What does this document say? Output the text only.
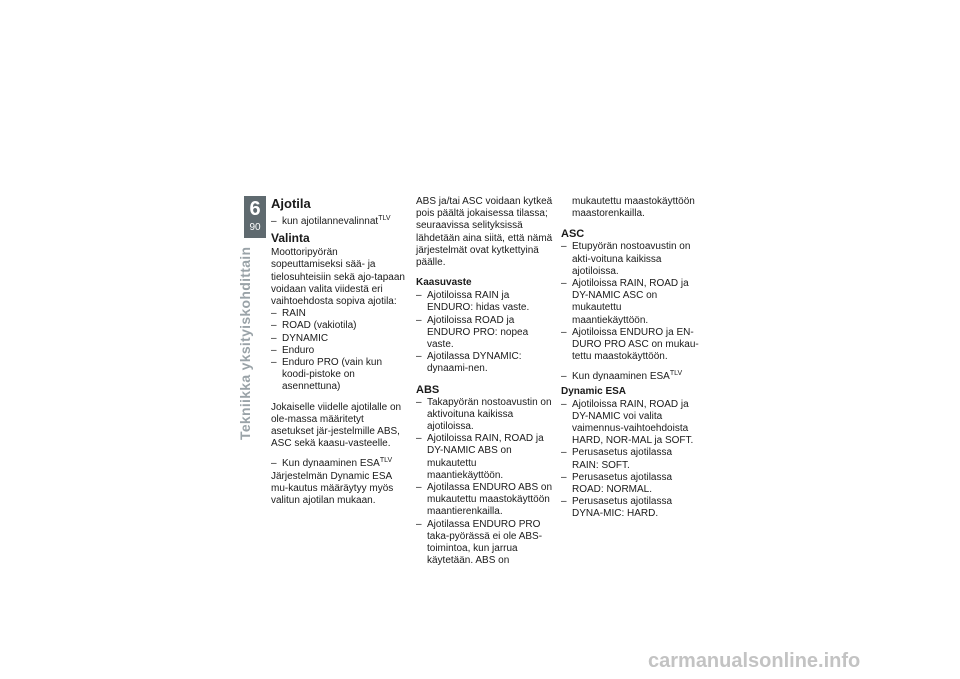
6
90
Tekniikka yksityiskohdittain
Ajotila
– kun ajotilannevalinnat$^{TLV}$
Valinta

Moottoripyörän sopeuttamiseksi sää- ja tielosuhteisiin sekä ajo-tapaan voidaan valita viidestä eri vaihtoehdosta sopiva ajotila:

– RAIN
– ROAD (vakiotila)
– DYNAMIC
– Enduro
– Enduro PRO (vain kun koodi-pistoke on asennettuna)

Jokaiselle viidelle ajotilalle on ole-massa määritetyt asetukset jär-jestelmille ABS, ASC sekä kaasu-vasteelle.

– Kun dynaaminen $ESA^{TLV}$

Järjestelmän Dynamic ESA mu-kautus määräytyy myös valitun ajotilan mukaan.

ABS ja/tai ASC voidaan kytkeä pois päältä jokaisessa tilassa; seuraavissa selityksissä lähdetään aina siitä, että nämä järjestelmät ovat kytkettyinä päälle.

Kaasuvaste
– Ajotiloissa RAIN ja ENDURO: hidas vaste.
– Ajotiloissa ROAD ja ENDURO PRO: nopea vaste.
– Ajotilassa DYNAMIC: dynaami-nen.
ABS
– Takapyörän nostoavustin on aktivoituna kaikissa ajotiloissa.
– Ajotiloissa RAIN, ROAD ja DY-NAMIC ABS on mukautettu maantiekäyttöön.
– Ajotilassa ENDURO ABS on mukautettu maastokäyttöön maantierenkailla.
– Ajotilassa ENDURO PRO taka-pyörässä ei ole ABS-toimintoa, kun jarrua käytetään. ABS on

mukautettu maastokäyttöön maastorenkailla.

ASC
– Etupyörän nostoavustin on akti-voituna kaikissa ajotiloissa.
– Ajotiloissa RAIN, ROAD ja DY-NAMIC ASC on mukautettu maantiekäyttöön.
– Ajotiloissa ENDURO ja EN-DURO PRO ASC on mukau-tettu maastokäyttöön.
– Kun dynaaminen $ESA^{TLV}$
Dynamic ESA
– Ajotiloissa RAIN, ROAD ja DY-NAMIC voi valita vaimennus-vaihtoehdoista HARD, NOR-MAL ja SOFT.
– Perusasetus ajotilassa RAIN: SOFT.
– Perusasetus ajotilassa ROAD: NORMAL.
– Perusasetus ajotilassa DYNA-MIC: HARD.
carmanualsonline.info
